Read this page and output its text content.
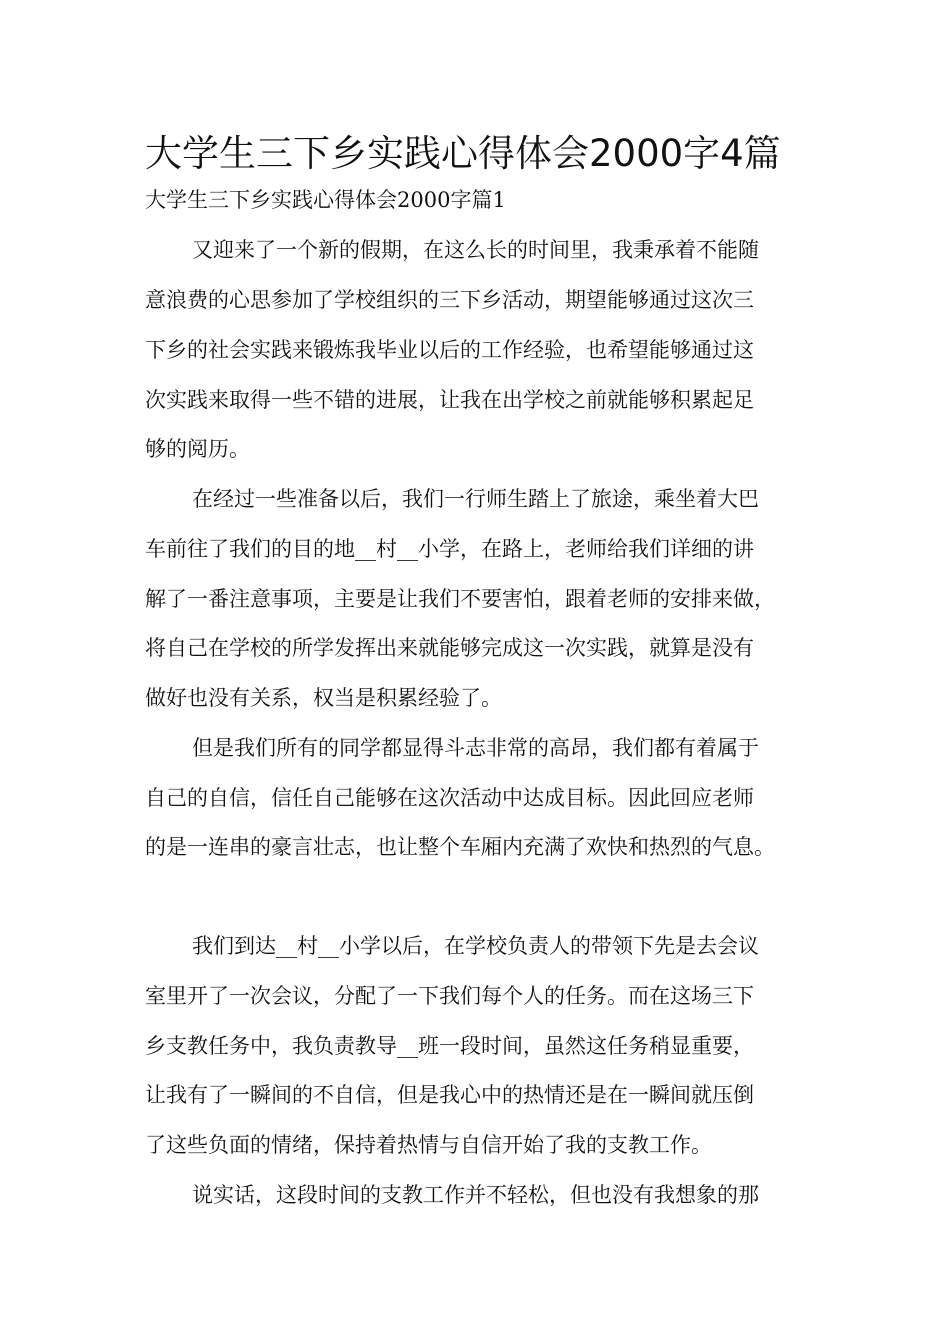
大学生三下乡实践心得体会2000字4篇

大学生三下乡实践心得体会2000字篇1

又迎来了一个新的假期，在这么长的时间里，我秉承着不能随

意浪费的心思参加了学校组织的三下乡活动，期望能够通过这次三

下乡的社会实践来锻炼我毕业以后的工作经验，也希望能够通过这

次实践来取得一些不错的进展，让我在出学校之前就能够积累起足

够的阅历。

在经过一些准备以后，我们一行师生踏上了旅途，乘坐着大巴

车前往了我们的目的地__村__小学，在路上，老师给我们详细的讲

解了一番注意事项，主要是让我们不要害怕，跟着老师的安排来做，

将自己在学校的所学发挥出来就能够完成这一次实践，就算是没有

做好也没有关系，权当是积累经验了。

但是我们所有的同学都显得斗志非常的高昂，我们都有着属于

自己的自信，信任自己能够在这次活动中达成目标。因此回应老师

的是一连串的豪言壮志，也让整个车厢内充满了欢快和热烈的气息。

我们到达__村__小学以后，在学校负责人的带领下先是去会议

室里开了一次会议，分配了一下我们每个人的任务。而在这场三下

乡支教任务中，我负责教导__班一段时间，虽然这任务稍显重要，

让我有了一瞬间的不自信，但是我心中的热情还是在一瞬间就压倒

了这些负面的情绪，保持着热情与自信开始了我的支教工作。

说实话，这段时间的支教工作并不轻松，但也没有我想象的那
